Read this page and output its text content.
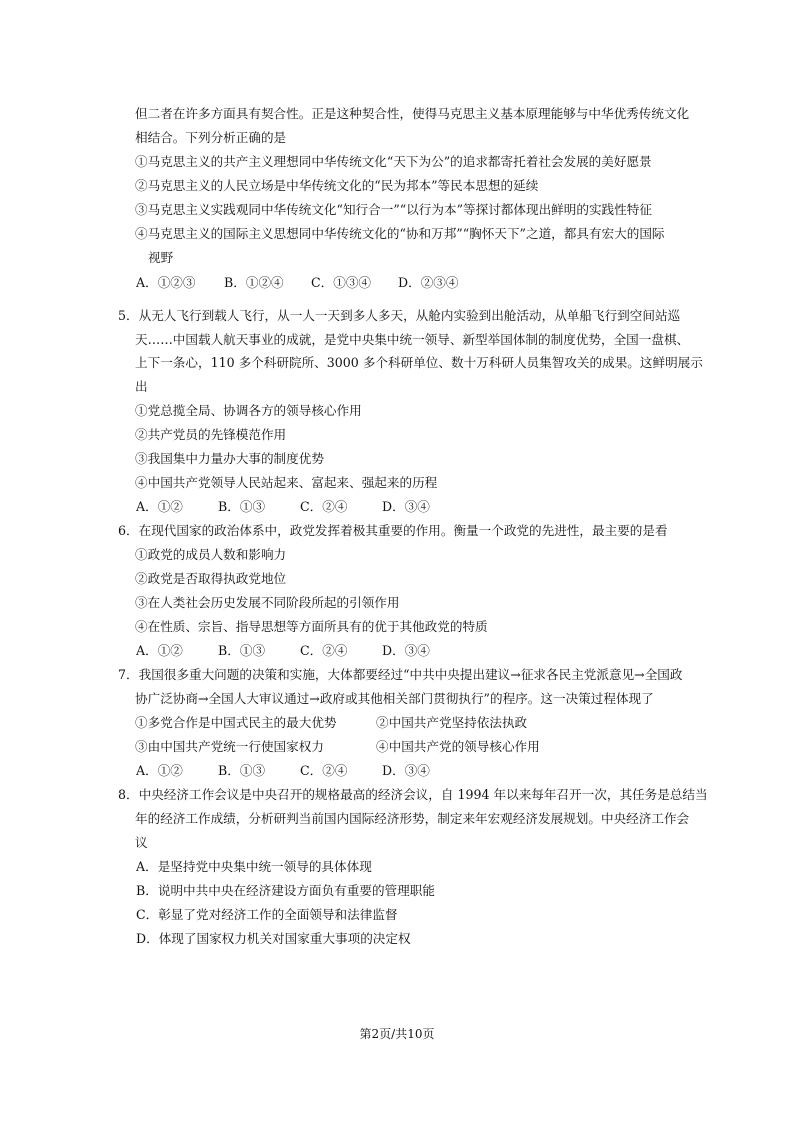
但二者在许多方面具有契合性。正是这种契合性，使得马克思主义基本原理能够与中华优秀传统文化
相结合。下列分析正确的是
①马克思主义的共产主义理想同中华传统文化“天下为公”的追求都寄托着社会发展的美好愿景
②马克思主义的人民立场是中华传统文化的“民为邦本”等民本思想的延续
③马克思主义实践观同中华传统文化“知行合一”“以行为本”等探讨都体现出鲜明的实践性特征
④马克思主义的国际主义思想同中华传统文化的“协和万邦”“胸怀天下”之道，都具有宏大的国际
视野
A．①②③ B．①②④ C．①③④ D．②③④
5．从无人飞行到载人飞行，从一人一天到多人多天，从舱内实验到出舱活动，从单船飞行到空间站巡
天……中国载人航天事业的成就，是党中央集中统一领导、新型举国体制的制度优势，全国一盘棋、
上下一条心，110 多个科研院所、3000 多个科研单位、数十万科研人员集智攻关的成果。这鲜明展示
出
①党总揽全局、协调各方的领导核心作用
②共产党员的先锋模范作用
③我国集中力量办大事的制度优势
④中国共产党领导人民站起来、富起来、强起来的历程
A．①②	B．①③	C．②④	D．③④
6．在现代国家的政治体系中，政党发挥着极其重要的作用。衡量一个政党的先进性，最主要的是看
①政党的成员人数和影响力
②政党是否取得执政党地位
③在人类社会历史发展不同阶段所起的引领作用
④在性质、宗旨、指导思想等方面所具有的优于其他政党的特质
A．①②	B．①③	C．②④	D．③④
7．我国很多重大问题的决策和实施，大体都要经过“中共中央提出建议→征求各民主党派意见→全国政
协广泛协商→全国人大审议通过→政府或其他相关部门贯彻执行”的程序。这一决策过程体现了
①多党合作是中国式民主的最大优势	②中国共产党坚持依法执政
③由中国共产党统一行使国家权力	④中国共产党的领导核心作用
A．①②	B．①③	C．②④	D．③④
8．中央经济工作会议是中央召开的规格最高的经济会议，自 1994 年以来每年召开一次，其任务是总结当
年的经济工作成绩，分析研判当前国内国际经济形势，制定来年宏观经济发展规划。中央经济工作会
议
A．是坚持党中央集中统一领导的具体体现
B．说明中共中央在经济建设方面负有重要的管理职能
C．彰显了党对经济工作的全面领导和法律监督
D．体现了国家权力机关对国家重大事项的决定权
第2页/共10页
